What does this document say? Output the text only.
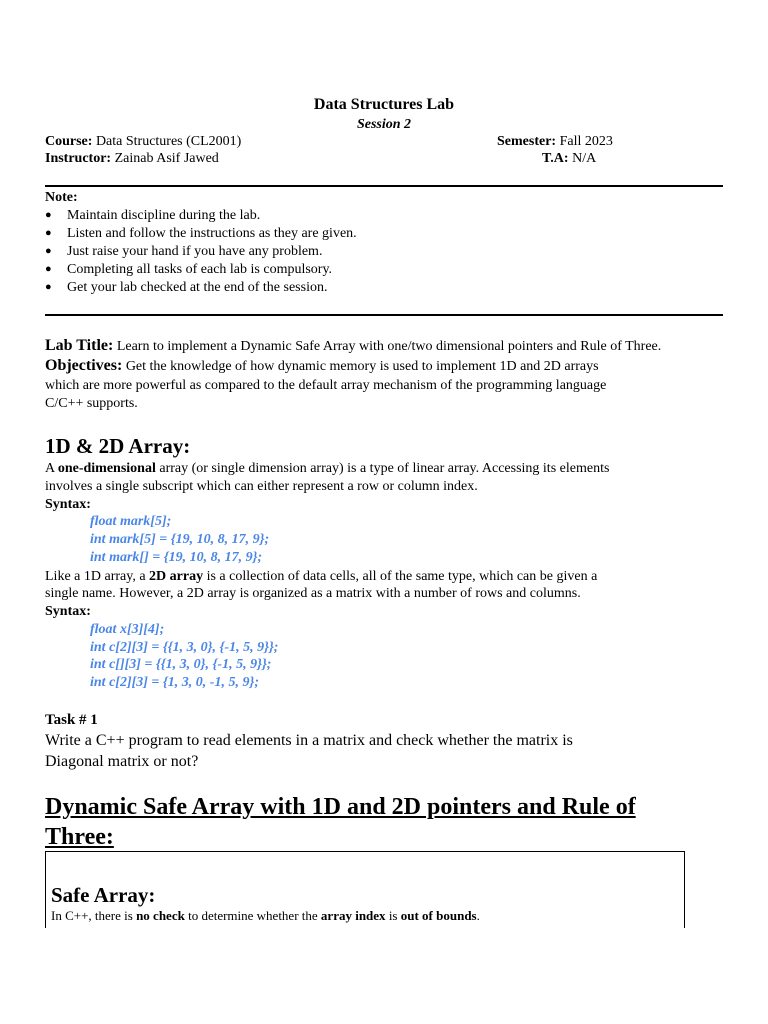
Data Structures Lab
Session 2
Course: Data Structures (CL2001)
Instructor: Zainab Asif Jawed
Semester: Fall 2023
T.A: N/A
Note:
● Maintain discipline during the lab.
● Listen and follow the instructions as they are given.
● Just raise your hand if you have any problem.
● Completing all tasks of each lab is compulsory.
● Get your lab checked at the end of the session.
Lab Title: Learn to implement a Dynamic Safe Array with one/two dimensional pointers and Rule of Three.
Objectives: Get the knowledge of how dynamic memory is used to implement 1D and 2D arrays
which are more powerful as compared to the default array mechanism of the programming language
C/C++ supports.
1D & 2D Array:
A one-dimensional array (or single dimension array) is a type of linear array. Accessing its elements
involves a single subscript which can either represent a row or column index.
Syntax:
float mark[5];
int mark[5] = {19, 10, 8, 17, 9};
int mark[] = {19, 10, 8, 17, 9};
Like a 1D array, a 2D array is a collection of data cells, all of the same type, which can be given a
single name. However, a 2D array is organized as a matrix with a number of rows and columns.
Syntax:
float x[3][4];
int c[2][3] = {{1, 3, 0}, {-1, 5, 9}};
int c[][3] = {{1, 3, 0}, {-1, 5, 9}};
int c[2][3] = {1, 3, 0, -1, 5, 9};
Task # 1
Write a C++ program to read elements in a matrix and check whether the matrix is
Diagonal matrix or not?
Dynamic Safe Array with 1D and 2D pointers and Rule of
Three:
Safe Array:
In C++, there is no check to determine whether the array index is out of bounds.
